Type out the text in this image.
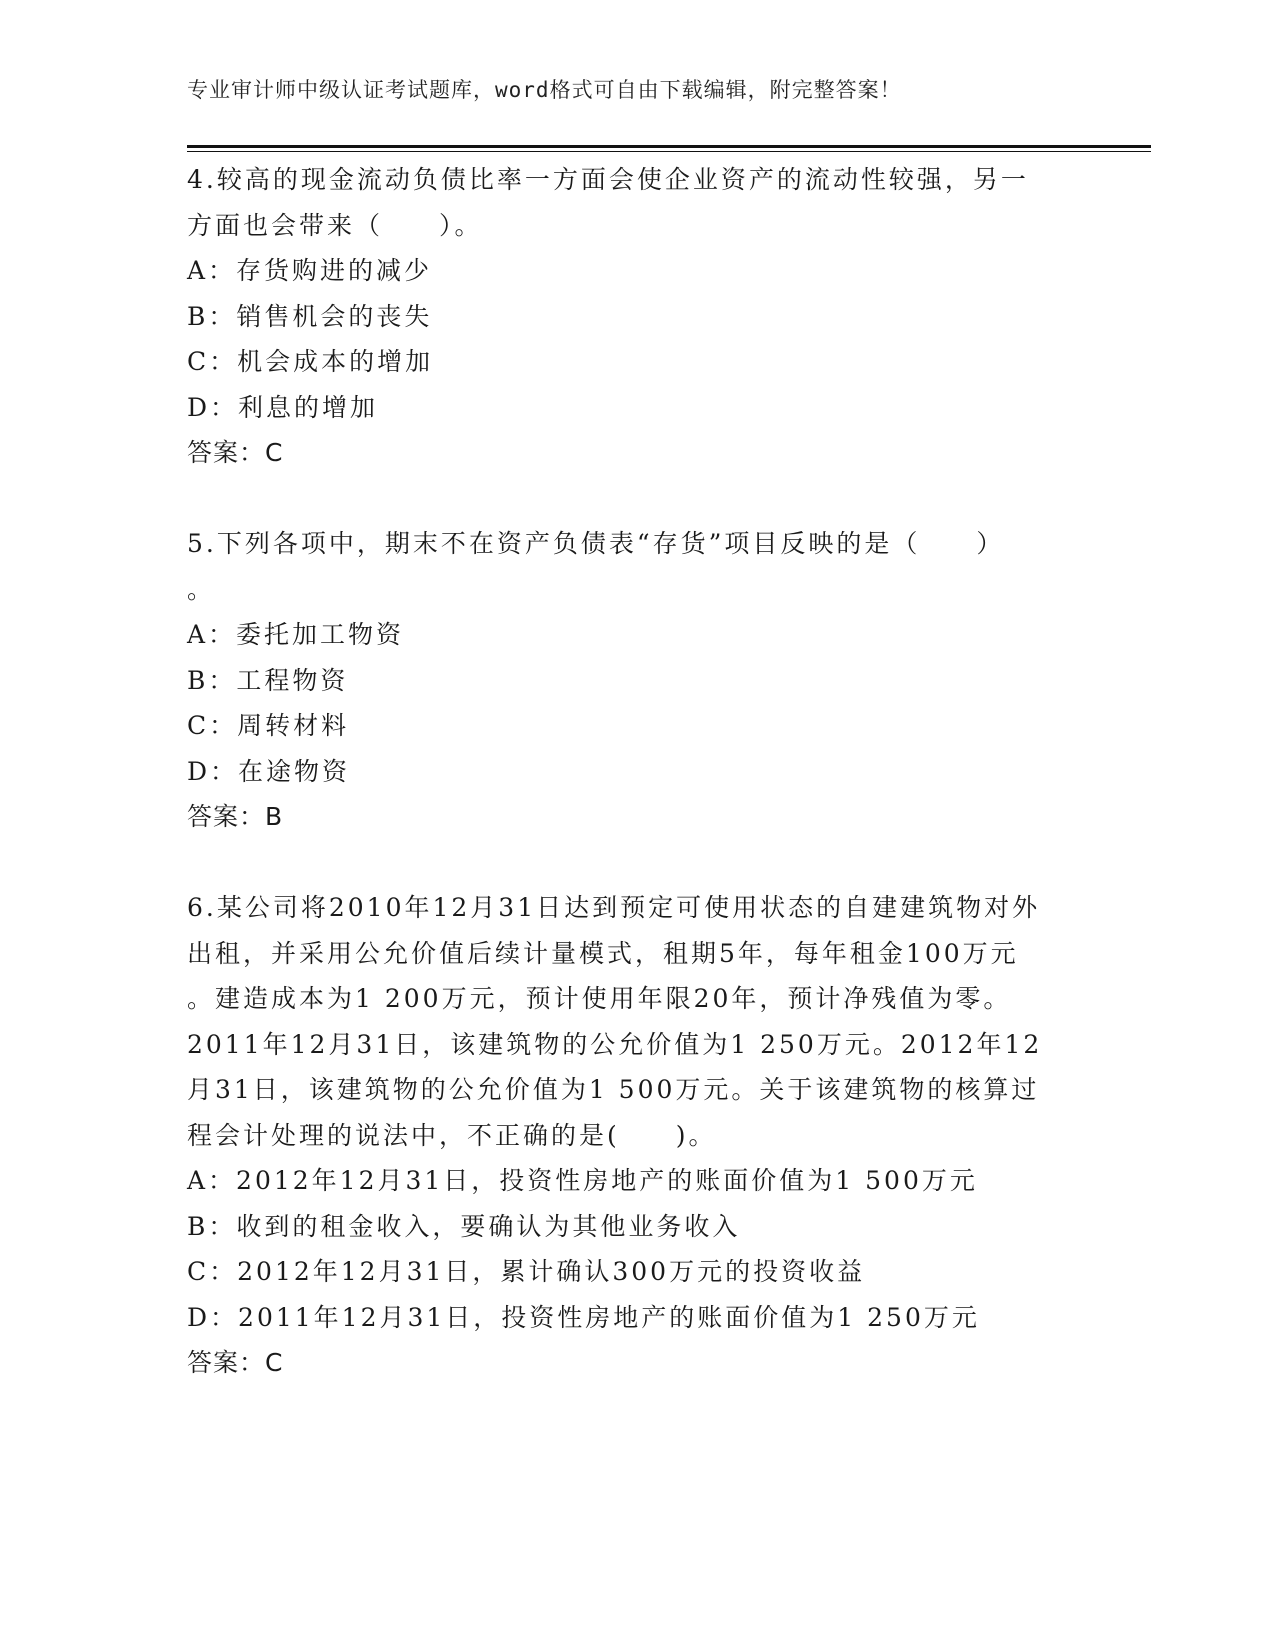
专业审计师中级认证考试题库，word格式可自由下载编辑，附完整答案！

4.较高的现金流动负债比率一方面会使企业资产的流动性较强，另一

方面也会带来（　　）。

A：存货购进的减少

B：销售机会的丧失

C：机会成本的增加

D：利息的增加

答案：C

5.下列各项中，期末不在资产负债表“存货”项目反映的是（　　）

。

A：委托加工物资

B：工程物资

C：周转材料

D：在途物资

答案：B

6.某公司将2010年12月31日达到预定可使用状态的自建建筑物对外

出租，并采用公允价值后续计量模式，租期5年，每年租金100万元

。建造成本为1 200万元，预计使用年限20年，预计净残值为零。

2011年12月31日，该建筑物的公允价值为1 250万元。2012年12

月31日，该建筑物的公允价值为1 500万元。关于该建筑物的核算过

程会计处理的说法中，不正确的是(　　)。

A：2012年12月31日，投资性房地产的账面价值为1 500万元

B：收到的租金收入，要确认为其他业务收入

C：2012年12月31日，累计确认300万元的投资收益

D：2011年12月31日，投资性房地产的账面价值为1 250万元

答案：C
